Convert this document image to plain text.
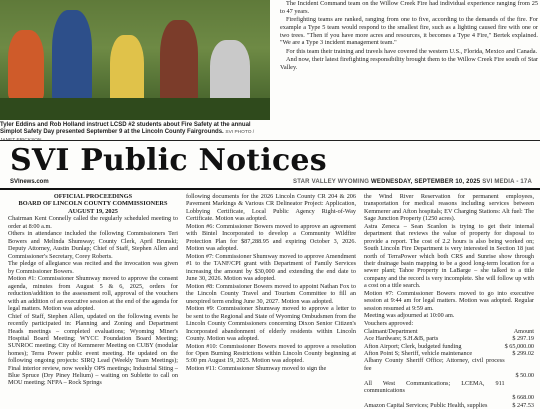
Tyler Eddins and Rob Holland instruct LCSD #2 students about Fire Safety at the annual Simplot Safety Day presented September 9 at the Lincoln County Fairgrounds. SVI PHOTO /

The Incident Command team on the Willow Creek Fire had individual experience ranging from 25 to 47 years.

Firefighting teams are ranked, ranging from one to five, according to the demands of the fire. For example a Type 5 team would respond to the smallest fire, such as a lighting caused fire with one or two trees. "Then if you have more acres and resources, it becomes a Type 4 Fire," Bertek explained. "We are a Type 3 incident management team."

For this team their training and travels have covered the western U.S., Florida, Mexico and Canada.

And now, their latest firefighting responsibility brought them to the Willow Creek Fire south of Star Valley.

SVI Public Notices
SVInews.com	STAR VALLEY WYOMING WEDNESDAY, SEPTEMBER 10, 2025 SVI MEDIA - 17A
OFFICIAL PROCEEDINGS
BOARD OF LINCOLN COUNTY COMMISSIONERS
AUGUST 19, 2025

Chairman Kent Connelly called the regularly scheduled meeting to order at 8:00 a.m.

Others in attendance included the following Commissioners Teri Bowers and Melinda Shumway; County Clerk, April Brunski; Deputy Attorney, Austin Dunlap; Chief of Staff, Stephen Allen and Commissioner's Secretary, Corey Roberts.

The pledge of allegiance was recited and the invocation was given by Commissioner Bowers.

Motion #1: Commissioner Shumway moved to approve the consent agenda, minutes from August 5 & 6, 2025, orders for reduction/addition to the assessment roll, approval of the vouchers with an addition of an executive session at the end of the agenda for legal matters. Motion was adopted.

Chief of Staff, Stephen Allen, updated on the following events he recently participated in: Planning and Zoning and Department Heads meetings – completed evaluations; Wyoming Miner's Hospital Board Meeting; WYCC Foundation Board Meeting; SUNROC meeting; City of Kemmerer Meeting on CUBY (modular homes); Terra Power public event meeting. He updated on the following ongoing projects: SIRQ Lead (Weekly Team Meetings); Final interior review, now weekly OPS meetings; Industrial Siting – Blue Spruce (Dry Piney Helium) – waiting on Sublette to call on MOU meeting; NFPA – Rock Springs

following documents for the 2026 Lincoln County CR 204 & 206 Pavement Markings & Various CR Delineator Project: Application, Lobbying Certificate, Local Public Agency Right-of-Way Certificate. Motion was adopted.

Motion #6: Commissioner Bowers moved to approve an agreement with Bintel Incorporated to develop a Community Wildfire Protection Plan for $87,288.95 and expiring October 3, 2026. Motion was adopted.

Motion #7: Commissioner Shumway moved to approve Amendment #1 to the TANF/CPI grant with Department of Family Services increasing the amount by $30,000 and extending the end date to June 30, 2026. Motion was adopted.

Motion #8: Commissioner Bowers moved to appoint Nathan Fox to the Lincoln County Travel and Tourism Committee to fill an unexpired term ending June 30, 2027. Motion was adopted.

Motion #9: Commissioner Shumway moved to approve a letter to be sent to the Regional and State of Wyoming Ombudsmen from the Lincoln County Commissioners concerning Dixon Senior Citizen's Incorporated abandonment of elderly residents within Lincoln County. Motion was adopted.

Motion #10: Commissioner Bowers moved to approve a resolution for Open Burning Restrictions within Lincoln County beginning at 5:00 pm August 19, 2025. Motion was adopted.

Motion #11: Commissioner Shumway moved to sign the

the Wind River Reservation for permanent employees, transportation for medical reasons including services between Kemmerer and Afton hospitals; EV Charging Stations: Alt fuel: The Sage Junction Property (1250 acres).

Astra Zeneca – Sean Scanlon is trying to get their internal department that reviews the value of property for disposal to provide a report. The cost of 2.2 hours is also being worked on; South Lincoln Fire Department is very interested in Section 18 just north of TerraPower which both CRS and Sunrise show through their drainage basin mapping to be a good long-term location for a sewer plant; Tahoe Property in LaBarge – she talked to a title company and the record is very incomplete. She will follow up with a cost on a title search.

Motion #7: Commissioner Bowers moved to go into executive session at 9:44 am for legal matters. Motion was adopted. Regular session resumed at 9:59 am.

Meeting was adjourned at 10:00 am.

Vouchers approved:

Claimant/Department	Amount
Ace Hardware; S.H.&B, parts	$ 297.19
Afton Airport; Clerk, budgeted funding	$ 65,000.00
Afton Point S; Sheriff, vehicle maintenance	$ 299.02
Albany County Sheriff Office; Attorney, civil process fee	
	$ 50.00
All West Communications; LCEMA, 911 communications	
	$ 668.00
Amazon Capital Services; Public Health, supplies	$ 247.53
